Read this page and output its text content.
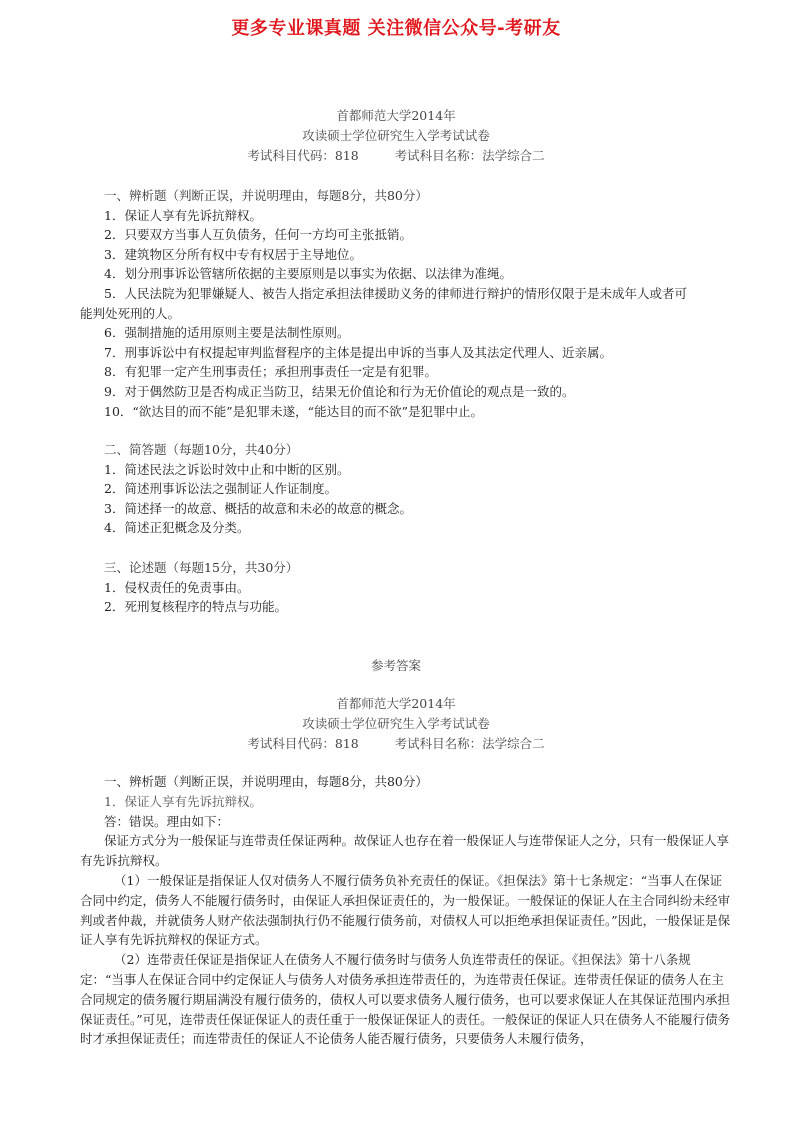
更多专业课真题 关注微信公众号-考研友
首都师范大学2014年
攻读硕士学位研究生入学考试试卷
考试科目代码：818	考试科目名称：法学综合二
一、辨析题（判断正误，并说明理由，每题8分，共80分）
1．保证人享有先诉抗辩权。
2．只要双方当事人互负债务，任何一方均可主张抵销。
3．建筑物区分所有权中专有权居于主导地位。
4．划分刑事诉讼管辖所依据的主要原则是以事实为依据、以法律为准绳。
5．人民法院为犯罪嫌疑人、被告人指定承担法律援助义务的律师进行辩护的情形仅限于是未成年人或者可
能判处死刑的人。
6．强制措施的适用原则主要是法制性原则。
7．刑事诉讼中有权提起审判监督程序的主体是提出申诉的当事人及其法定代理人、近亲属。
8．有犯罪一定产生刑事责任；承担刑事责任一定是有犯罪。
9．对于偶然防卫是否构成正当防卫，结果无价值论和行为无价值论的观点是一致的。
10．“欲达目的而不能”是犯罪未遂，“能达目的而不欲”是犯罪中止。
二、简答题（每题10分，共40分）
1．简述民法之诉讼时效中止和中断的区别。
2．简述刑事诉讼法之强制证人作证制度。
3．简述择一的故意、概括的故意和未必的故意的概念。
4．简述正犯概念及分类。
三、论述题（每题15分，共30分）
1．侵权责任的免责事由。
2．死刑复核程序的特点与功能。
参考答案
首都师范大学2014年
攻读硕士学位研究生入学考试试卷
考试科目代码：818	考试科目名称：法学综合二

一、辨析题（判断正误，并说明理由，每题8分，共80分）

1．保证人享有先诉抗辩权。

答：错误。理由如下：

保证方式分为一般保证与连带责任保证两种。故保证人也存在着一般保证人与连带保证人之分，只有一般保证人享有先诉抗辩权。

（1）一般保证是指保证人仅对债务人不履行债务负补充责任的保证。《担保法》第十七条规定：“当事人在保证合同中约定，债务人不能履行债务时，由保证人承担保证责任的，为一般保证。一般保证的保证人在主合同纠纷未经审判或者仲裁，并就债务人财产依法强制执行仍不能履行债务前，对债权人可以拒绝承担保证责任。”因此，一般保证是保证人享有先诉抗辩权的保证方式。

（2）连带责任保证是指保证人在债务人不履行债务时与债务人负连带责任的保证。《担保法》第十八条规定：“当事人在保证合同中约定保证人与债务人对债务承担连带责任的，为连带责任保证。连带责任保证的债务人在主合同规定的债务履行期届满没有履行债务的，债权人可以要求债务人履行债务，也可以要求保证人在其保证范围内承担保证责任。”可见，连带责任保证保证人的责任重于一般保证保证人的责任。一般保证的保证人只在债务人不能履行债务时才承担保证责任；而连带责任的保证人不论债务人能否履行债务，只要债务人未履行债务，
